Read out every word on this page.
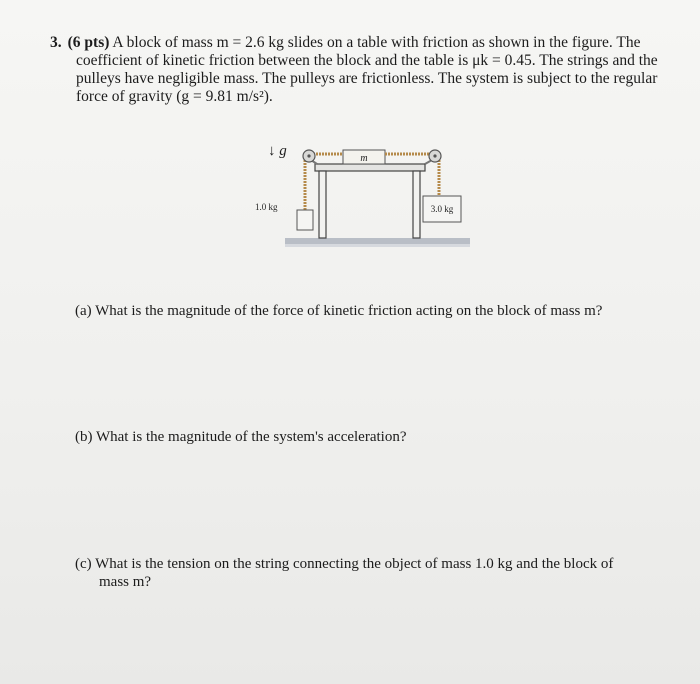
3. (6 pts) A block of mass m = 2.6 kg slides on a table with friction as shown in the figure. The
coefficient of kinetic friction between the block and the table is μk = 0.45. The strings and the
pulleys have negligible mass. The pulleys are frictionless. The system is subject to the regular
force of gravity (g = 9.81 m/s²).
↓ g⃗	m
1.0 kg	3.0 kg
(a) What is the magnitude of the force of kinetic friction acting on the block of mass m?
(b) What is the magnitude of the system's acceleration?
(c) What is the tension on the string connecting the object of mass 1.0 kg and the block of
mass m?
